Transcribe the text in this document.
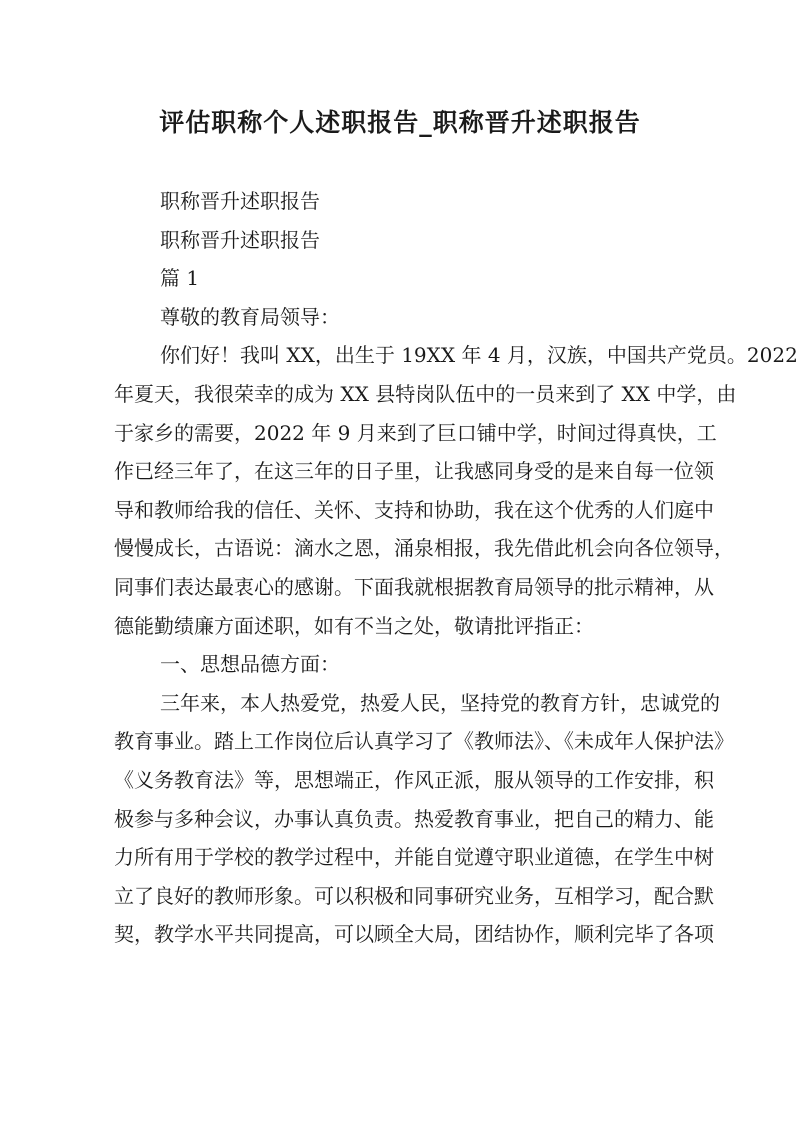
评估职称个人述职报告_职称晋升述职报告
职称晋升述职报告
职称晋升述职报告
篇 1
尊敬的教育局领导：
你们好！我叫 XX，出生于 19XX 年 4 月，汉族，中国共产党员。2022
年夏天，我很荣幸的成为 XX 县特岗队伍中的一员来到了 XX 中学，由
于家乡的需要，2022 年 9 月来到了巨口铺中学，时间过得真快，工
作已经三年了，在这三年的日子里，让我感同身受的是来自每一位领
导和教师给我的信任、关怀、支持和协助，我在这个优秀的人们庭中
慢慢成长，古语说：滴水之恩，涌泉相报，我先借此机会向各位领导，
同事们表达最衷心的感谢。下面我就根据教育局领导的批示精神，从
德能勤绩廉方面述职，如有不当之处，敬请批评指正：
一、思想品德方面：
三年来，本人热爱党，热爱人民，坚持党的教育方针，忠诚党的
教育事业。踏上工作岗位后认真学习了《教师法》、《未成年人保护法》
《义务教育法》等，思想端正，作风正派，服从领导的工作安排，积
极参与多种会议，办事认真负责。热爱教育事业，把自己的精力、能
力所有用于学校的教学过程中，并能自觉遵守职业道德，在学生中树
立了良好的教师形象。可以积极和同事研究业务，互相学习，配合默
契，教学水平共同提高，可以顾全大局，团结协作，顺利完毕了各项
